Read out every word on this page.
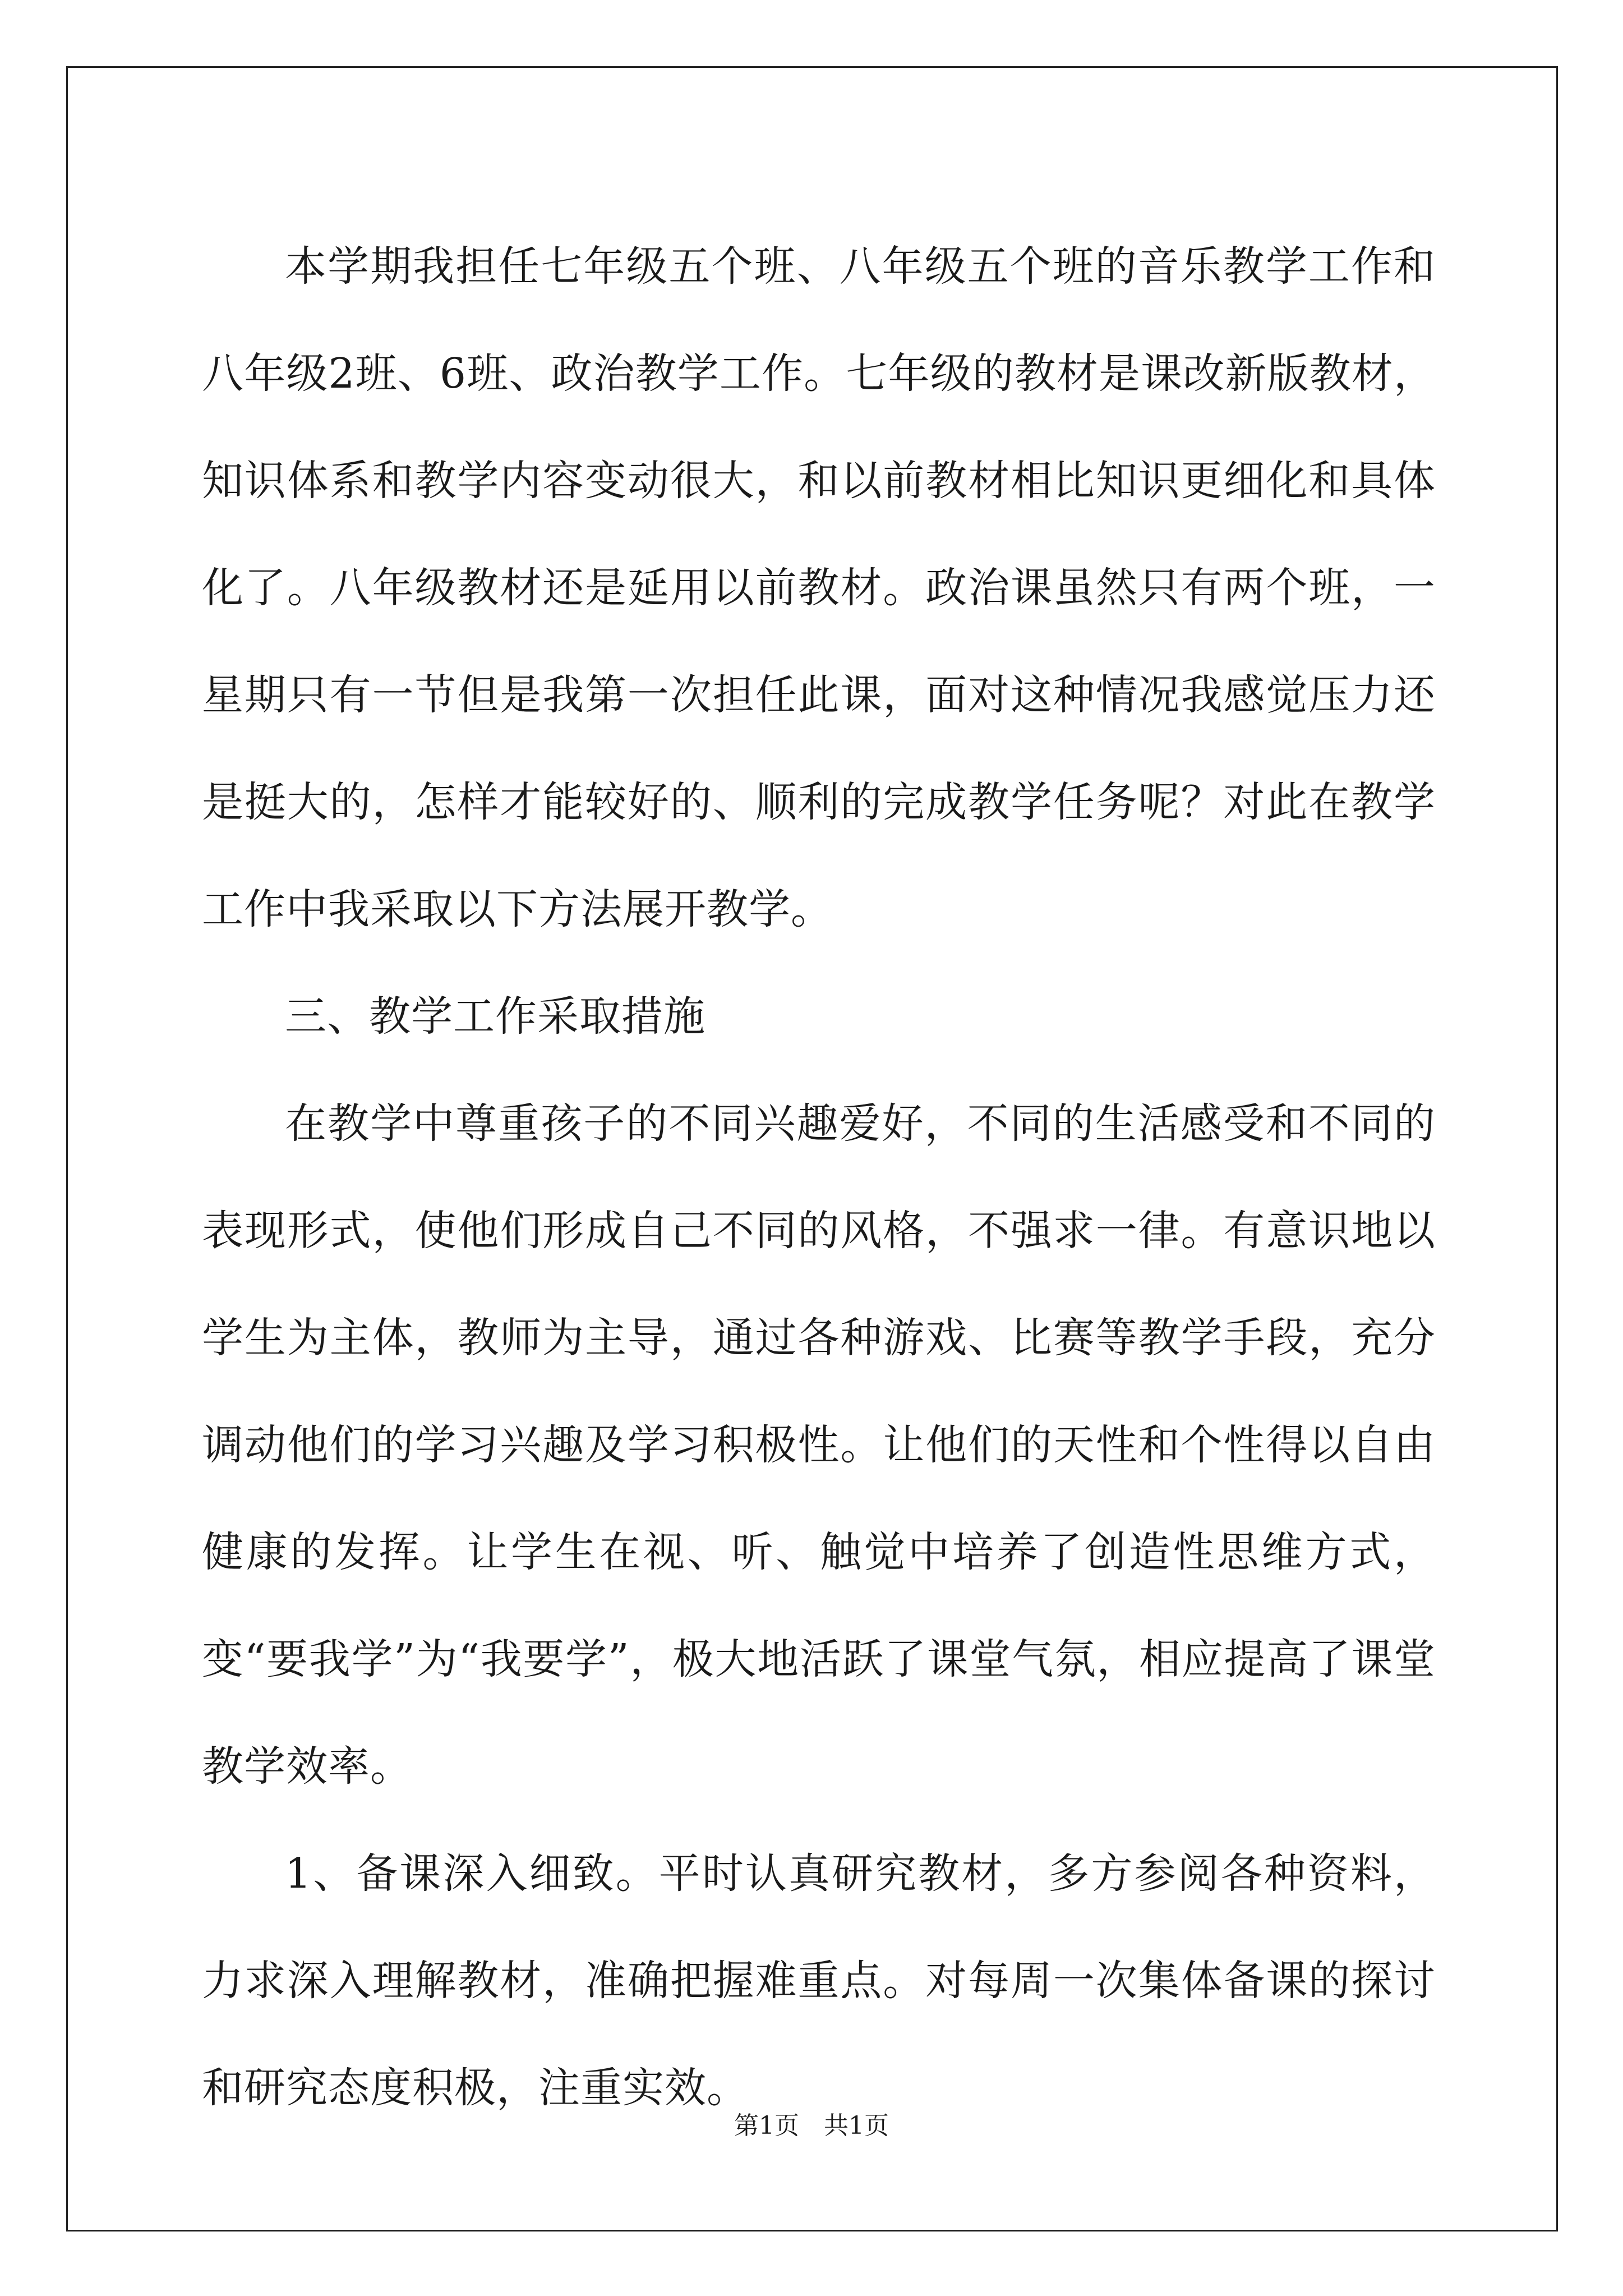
本学期我担任七年级五个班、八年级五个班的音乐教学工作和八年级2班、6班、政治教学工作。七年级的教材是课改新版教材，知识体系和教学内容变动很大，和以前教材相比知识更细化和具体化了。八年级教材还是延用以前教材。政治课虽然只有两个班，一星期只有一节但是我第一次担任此课，面对这种情况我感觉压力还是挺大的，怎样才能较好的、顺利的完成教学任务呢？对此在教学工作中我采取以下方法展开教学。

三、教学工作采取措施

在教学中尊重孩子的不同兴趣爱好，不同的生活感受和不同的表现形式，使他们形成自己不同的风格，不强求一律。有意识地以学生为主体，教师为主导，通过各种游戏、比赛等教学手段，充分调动他们的学习兴趣及学习积极性。让他们的天性和个性得以自由健康的发挥。让学生在视、听、触觉中培养了创造性思维方式，变“要我学”为“我要学”，极大地活跃了课堂气氛，相应提高了课堂教学效率。

1、备课深入细致。平时认真研究教材，多方参阅各种资料，力求深入理解教材，准确把握难重点。对每周一次集体备课的探讨和研究态度积极，注重实效。

第1页　共1页
